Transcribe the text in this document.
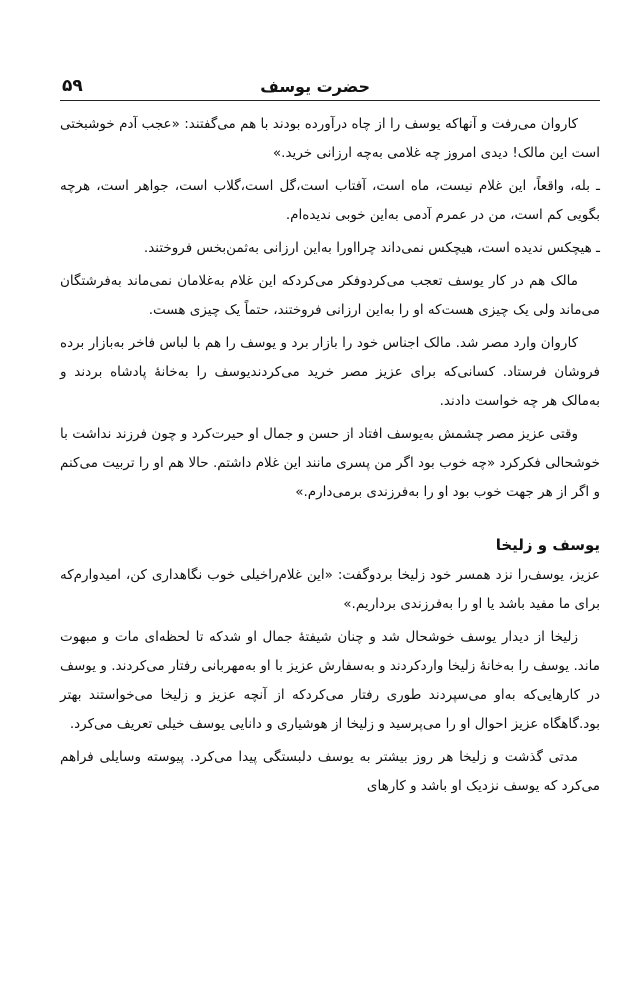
حضرت یوسف
۵۹

کاروان می‌رفت و آنهاکه یوسف را از چاه درآورده بودند با هم می‌گفتند: «عجب آدم خوشبختی است این مالک! دیدی امروز چه غلامی به‌چه ارزانی خرید.»

ـ بله، واقعاً، این غلام نیست، ماه است، آفتاب است،گل است،گلاب است، جواهر است، هرچه بگویی کم است، من در عمرم آدمی به‌این خوبی ندیده‌ام.

ـ هیچکس ندیده است، هیچکس نمی‌داند چرااورا به‌این ارزانی به‌ثمن‌بخس فروختند.

مالک هم در کار یوسف تعجب می‌کردوفکر می‌کردکه این غلام به‌غلامان نمی‌ماند به‌فرشتگان می‌ماند ولی یک چیزی هست‌که او را به‌این ارزانی فروختند، حتماً یک چیزی هست.

کاروان وارد مصر شد. مالک اجناس خود را بازار برد و یوسف را هم با لباس فاخر به‌بازار برده فروشان فرستاد. کسانی‌که برای عزیز مصر خرید می‌کردندیوسف را به‌خانهٔ پادشاه بردند و به‌مالک هر چه خواست دادند.

وقتی عزیز مصر چشمش به‌یوسف افتاد از حسن و جمال او حیرت‌کرد و چون فرزند نداشت با خوشحالی فکرکرد «چه خوب بود اگر من پسری مانند این غلام داشتم. حالا هم او را تربیت می‌کنم و اگر از هر جهت خوب بود او را به‌فرزندی برمی‌دارم.»

یوسف و زلیخا

عزیز، یوسف‌را نزد همسر خود زلیخا بردوگفت: «این غلام‌راخیلی خوب نگاهداری کن، امیدوارم‌که برای ما مفید باشد یا او را به‌فرزندی برداریم.»

زلیخا از دیدار یوسف خوشحال شد و چنان شیفتهٔ جمال او شدکه تا لحظه‌ای مات و مبهوت ماند. یوسف را به‌خانهٔ زلیخا واردکردند و به‌سفارش عزیز با او به‌مهربانی رفتار می‌کردند. و یوسف در کارهایی‌که به‌او می‌سپردند طوری رفتار می‌کرد‌که از آنچه عزیز و زلیخا می‌خواستند بهتر بود.گاهگاه عزیز احوال او را می‌پرسید و زلیخا از هوشیاری و دانایی یوسف خیلی تعریف می‌کرد.

مدتی گذشت و زلیخا هر روز بیشتر به یوسف دلبستگی پیدا می‌کرد. پیوسته وسایلی فراهم می‌کرد که یوسف نزدیک او باشد و کارهای
